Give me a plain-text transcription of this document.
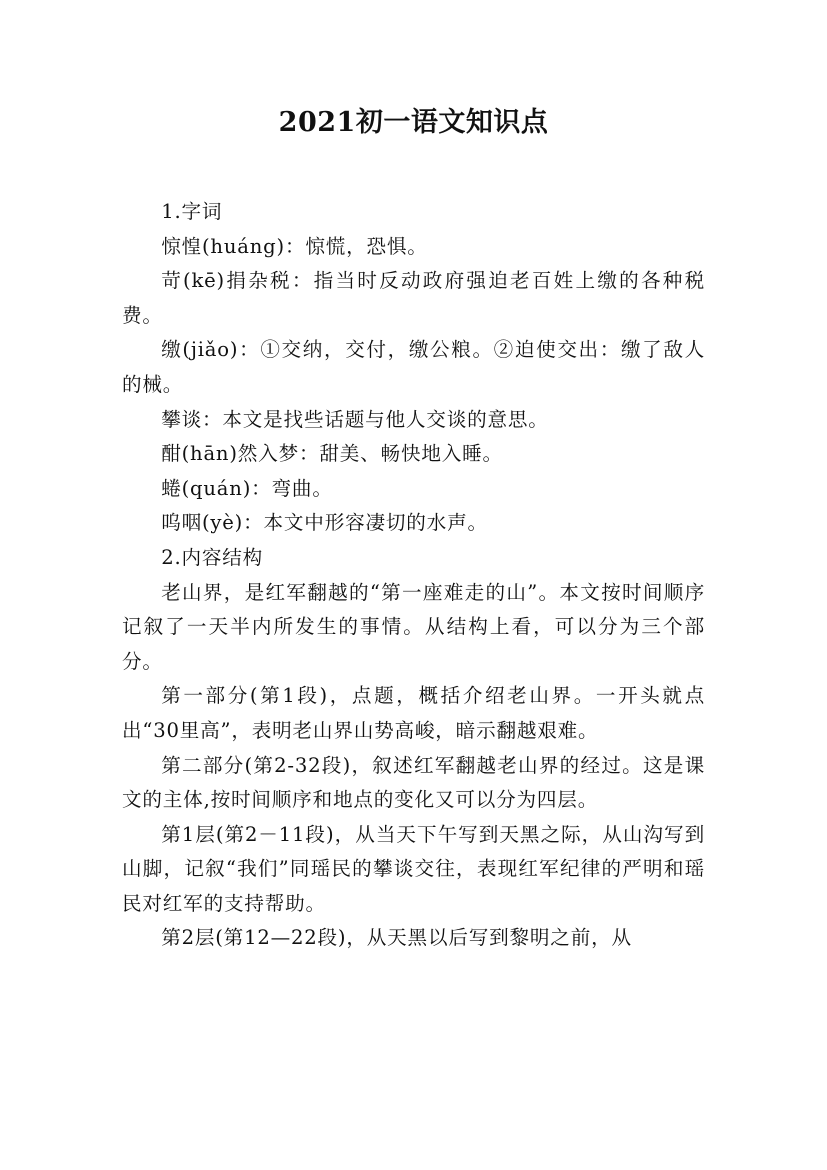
2021初一语文知识点

1.字词

惊惶(huáng)：惊慌，恐惧。

苛(kē)捐杂税：指当时反动政府强迫老百姓上缴的各种税费。

缴(jiǎo)：①交纳，交付，缴公粮。②迫使交出：缴了敌人的械。

攀谈：本文是找些话题与他人交谈的意思。

酣(hān)然入梦：甜美、畅快地入睡。

蜷(quán)：弯曲。

呜咽(yè)：本文中形容凄切的水声。

2.内容结构

老山界，是红军翻越的“第一座难走的山”。本文按时间顺序记叙了一天半内所发生的事情。从结构上看，可以分为三个部分。

第一部分(第1段)，点题，概括介绍老山界。一开头就点出“30里高”，表明老山界山势高峻，暗示翻越艰难。

第二部分(第2-32段)，叙述红军翻越老山界的经过。这是课文的主体,按时间顺序和地点的变化又可以分为四层。

第1层(第2－11段)，从当天下午写到天黑之际，从山沟写到山脚，记叙“我们”同瑶民的攀谈交往，表现红军纪律的严明和瑶民对红军的支持帮助。

第2层(第12—22段)，从天黑以后写到黎明之前，从
